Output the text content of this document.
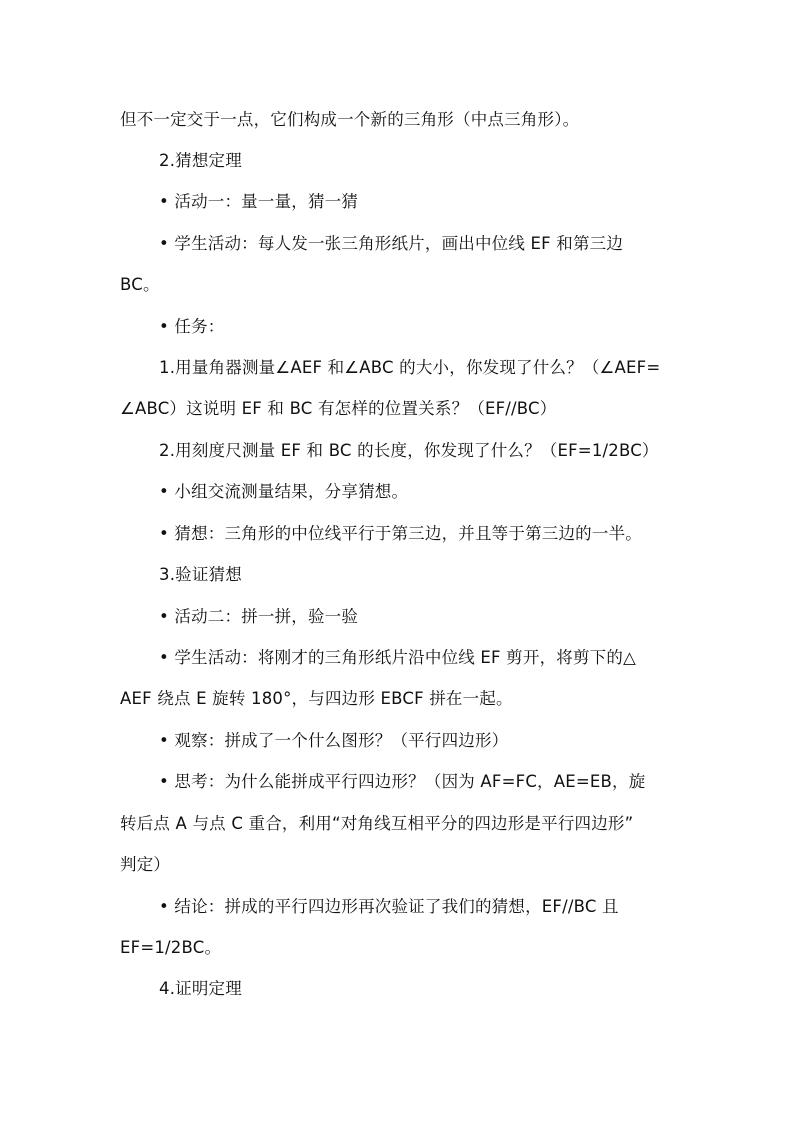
但不一定交于一点，它们构成一个新的三角形（中点三角形）。
2.猜想定理
• 活动一：量一量，猜一猜
• 学生活动：每人发一张三角形纸片，画出中位线 EF 和第三边
BC。
• 任务：
1.用量角器测量∠AEF 和∠ABC 的大小，你发现了什么？（∠AEF=
∠ABC）这说明 EF 和 BC 有怎样的位置关系？（EF//BC）
2.用刻度尺测量 EF 和 BC 的长度，你发现了什么？（EF=1/2BC）
• 小组交流测量结果，分享猜想。
• 猜想：三角形的中位线平行于第三边，并且等于第三边的一半。
3.验证猜想
• 活动二：拼一拼，验一验
• 学生活动：将刚才的三角形纸片沿中位线 EF 剪开，将剪下的△
AEF 绕点 E 旋转 180°，与四边形 EBCF 拼在一起。
• 观察：拼成了一个什么图形？（平行四边形）
• 思考：为什么能拼成平行四边形？（因为 AF=FC，AE=EB，旋
转后点 A 与点 C 重合，利用“对角线互相平分的四边形是平行四边形”
判定）
• 结论：拼成的平行四边形再次验证了我们的猜想，EF//BC 且
EF=1/2BC。
4.证明定理
